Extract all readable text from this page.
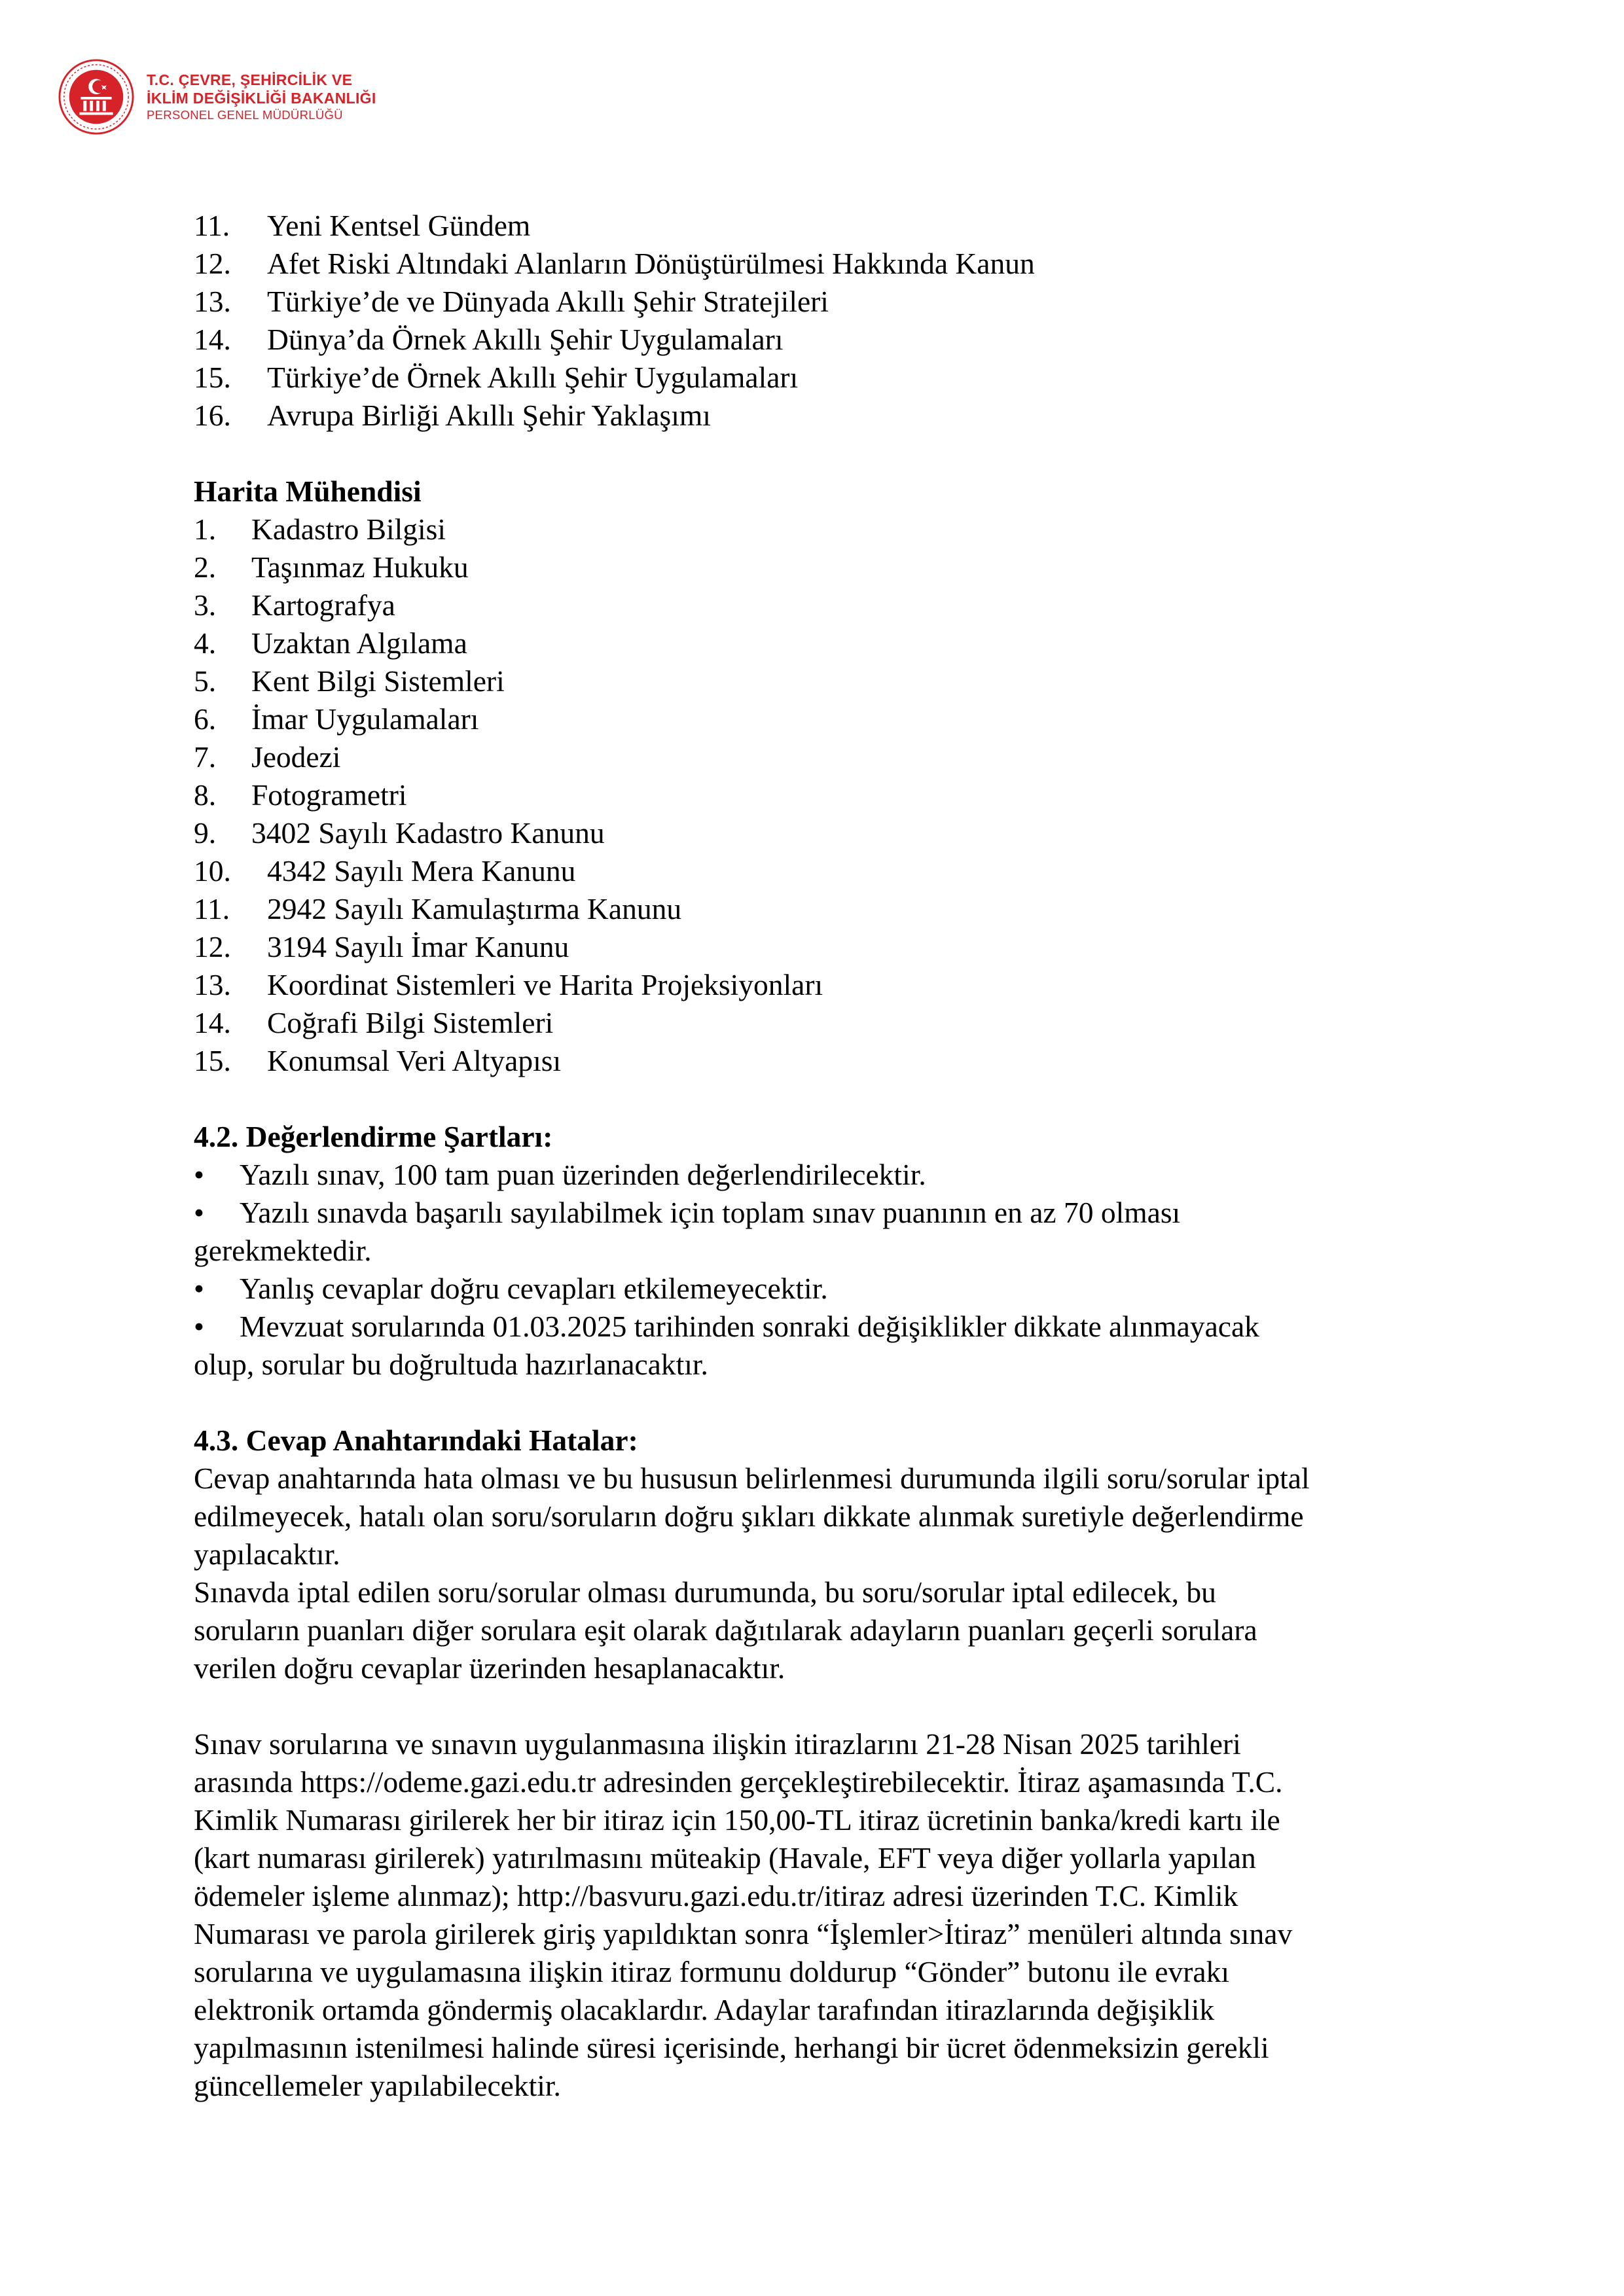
T.C. ÇEVRE, ŞEHİRCİLİK VE
İKLİM DEĞİŞİKLİĞİ BAKANLIĞI
PERSONEL GENEL MÜDÜRLÜĞÜ
11. Yeni Kentsel Gündem
12. Afet Riski Altındaki Alanların Dönüştürülmesi Hakkında Kanun
13. Türkiye’de ve Dünyada Akıllı Şehir Stratejileri
14. Dünya’da Örnek Akıllı Şehir Uygulamaları
15. Türkiye’de Örnek Akıllı Şehir Uygulamaları
16. Avrupa Birliği Akıllı Şehir Yaklaşımı
Harita Mühendisi
1. Kadastro Bilgisi
2. Taşınmaz Hukuku
3. Kartografya
4. Uzaktan Algılama
5. Kent Bilgi Sistemleri
6. İmar Uygulamaları
7. Jeodezi
8. Fotogrametri
9. 3402 Sayılı Kadastro Kanunu
10. 4342 Sayılı Mera Kanunu
11. 2942 Sayılı Kamulaştırma Kanunu
12. 3194 Sayılı İmar Kanunu
13. Koordinat Sistemleri ve Harita Projeksiyonları
14. Coğrafi Bilgi Sistemleri
15. Konumsal Veri Altyapısı
4.2. Değerlendirme Şartları:
•	Yazılı sınav, 100 tam puan üzerinden değerlendirilecektir.
•	Yazılı sınavda başarılı sayılabilmek için toplam sınav puanının en az 70 olması
gerekmektedir.
•	Yanlış cevaplar doğru cevapları etkilemeyecektir.
•	Mevzuat sorularında 01.03.2025 tarihinden sonraki değişiklikler dikkate alınmayacak
olup, sorular bu doğrultuda hazırlanacaktır.
4.3. Cevap Anahtarındaki Hatalar:
Cevap anahtarında hata olması ve bu hususun belirlenmesi durumunda ilgili soru/sorular iptal
edilmeyecek, hatalı olan soru/soruların doğru şıkları dikkate alınmak suretiyle değerlendirme
yapılacaktır.
Sınavda iptal edilen soru/sorular olması durumunda, bu soru/sorular iptal edilecek, bu
soruların puanları diğer sorulara eşit olarak dağıtılarak adayların puanları geçerli sorulara
verilen doğru cevaplar üzerinden hesaplanacaktır.
Sınav sorularına ve sınavın uygulanmasına ilişkin itirazlarını 21-28 Nisan 2025 tarihleri
arasında https://odeme.gazi.edu.tr adresinden gerçekleştirebilecektir. İtiraz aşamasında T.C.
Kimlik Numarası girilerek her bir itiraz için 150,00-TL itiraz ücretinin banka/kredi kartı ile
(kart numarası girilerek) yatırılmasını müteakip (Havale, EFT veya diğer yollarla yapılan
ödemeler işleme alınmaz); http://basvuru.gazi.edu.tr/itiraz adresi üzerinden T.C. Kimlik
Numarası ve parola girilerek giriş yapıldıktan sonra “İşlemler>İtiraz” menüleri altında sınav
sorularına ve uygulamasına ilişkin itiraz formunu doldurup “Gönder” butonu ile evrakı
elektronik ortamda göndermiş olacaklardır. Adaylar tarafından itirazlarında değişiklik
yapılmasının istenilmesi halinde süresi içerisinde, herhangi bir ücret ödenmeksizin gerekli
güncellemeler yapılabilecektir.
